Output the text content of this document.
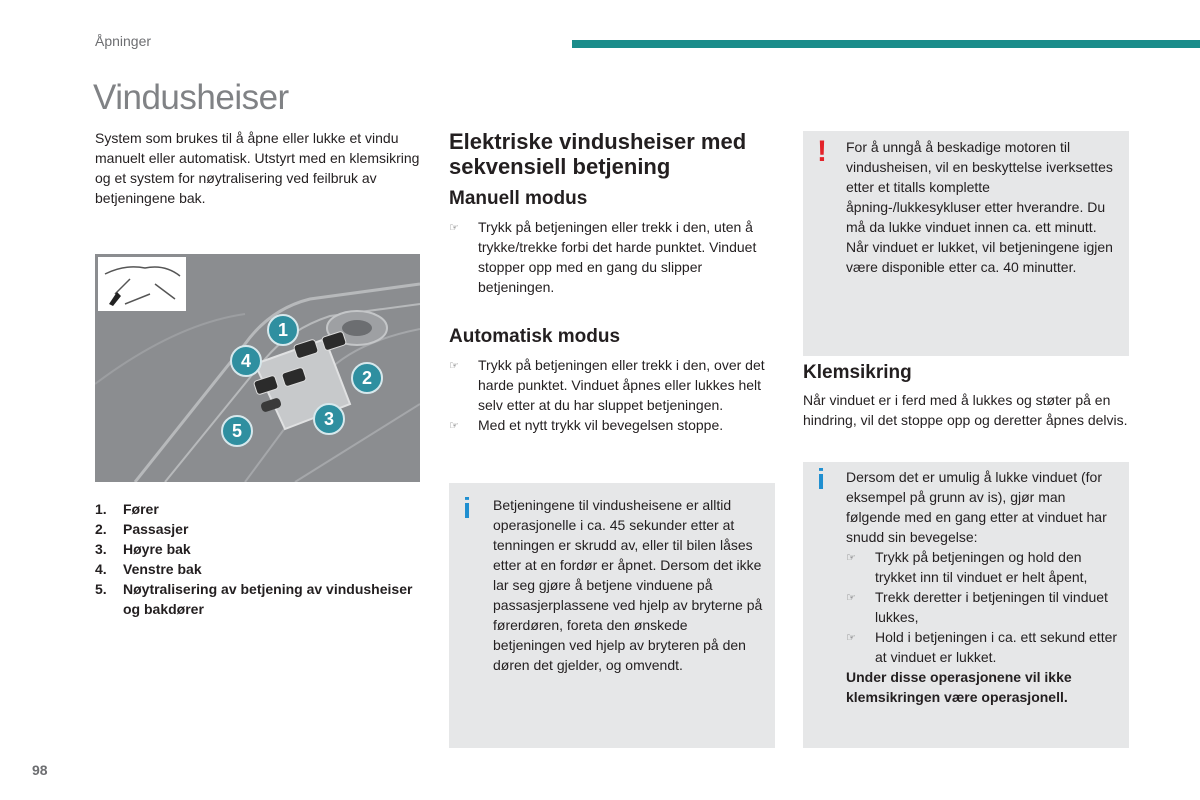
Åpninger
Vindusheiser

System som brukes til å åpne eller lukke et vindu manuelt eller automatisk. Utstyrt med en klemsikring og et system for nøytralisering ved feilbruk av betjeningene bak.

1
2
3
4
5
1.	Fører
2.	Passasjer
3.	Høyre bak
4.	Venstre bak
5.	Nøytralisering av betjening av vindusheiser og bakdører
Elektriske vindusheiser med sekvensiell betjening
Manuell modus
☞	Trykk på betjeningen eller trekk i den, uten å trykke/trekke forbi det harde punktet. Vinduet stopper opp med en gang du slipper betjeningen.
Automatisk modus
☞	Trykk på betjeningen eller trekk i den, over det harde punktet. Vinduet åpnes eller lukkes helt selv etter at du har sluppet betjeningen.
☞	Med et nytt trykk vil bevegelsen stoppe.
i Betjeningene til vindusheisene er alltid operasjonelle i ca. 45 sekunder etter at tenningen er skrudd av, eller til bilen låses etter at en fordør er åpnet. Dersom det ikke lar seg gjøre å betjene vinduene på passasjerplassene ved hjelp av bryterne på førerdøren, foreta den ønskede betjeningen ved hjelp av bryteren på den døren det gjelder, og omvendt.

! For å unngå å beskadige motoren til vindusheisen, vil en beskyttelse iverksettes etter et titalls komplette åpning-/lukkesykluser etter hverandre. Du må da lukke vinduet innen ca. ett minutt. Når vinduet er lukket, vil betjeningene igjen være disponible etter ca. 40 minutter.

Klemsikring

Når vinduet er i ferd med å lukkes og støter på en hindring, vil det stoppe opp og deretter åpnes delvis.

i Dersom det er umulig å lukke vinduet (for eksempel på grunn av is), gjør man følgende med en gang etter at vinduet har snudd sin bevegelse:

☞	Trykk på betjeningen og hold den trykket inn til vinduet er helt åpent,
☞	Trekk deretter i betjeningen til vinduet lukkes,
☞	Hold i betjeningen i ca. ett sekund etter at vinduet er lukket.

Under disse operasjonene vil ikke klemsikringen være operasjonell.

98
